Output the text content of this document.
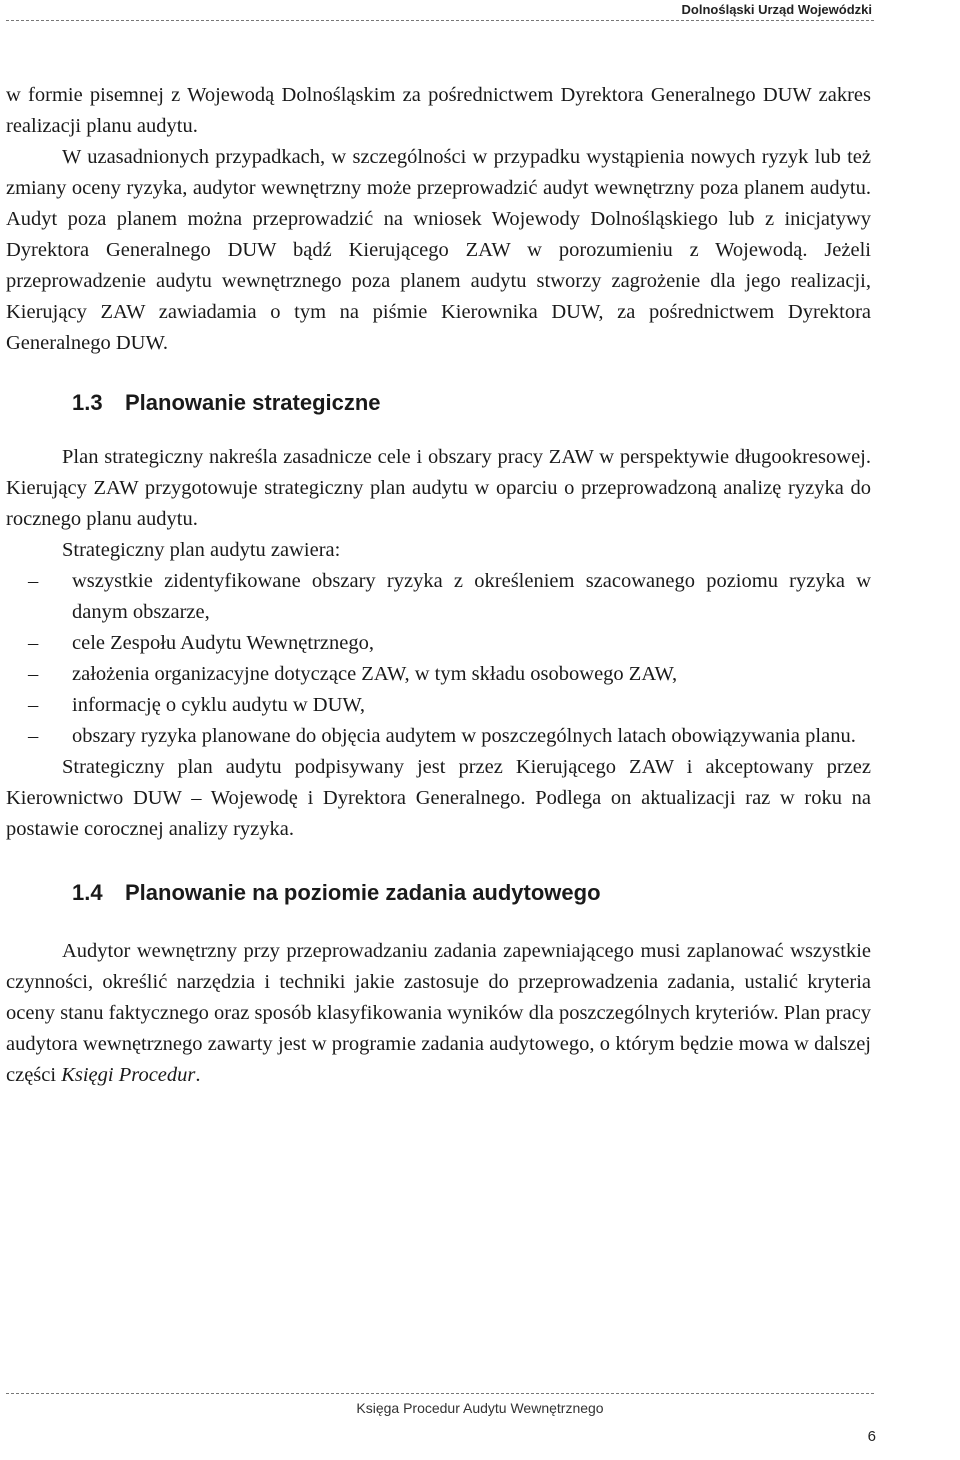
Dolnośląski Urząd Wojewódzki

w formie pisemnej z Wojewodą Dolnośląskim za pośrednictwem Dyrektora Generalnego DUW zakres realizacji planu audytu.

W uzasadnionych przypadkach, w szczególności w przypadku wystąpienia nowych ryzyk lub też zmiany oceny ryzyka, audytor wewnętrzny może przeprowadzić audyt wewnętrzny poza planem audytu. Audyt poza planem można przeprowadzić na wniosek Wojewody Dolnośląskiego lub z inicjatywy Dyrektora Generalnego DUW bądź Kierującego ZAW w porozumieniu z Wojewodą. Jeżeli przeprowadzenie audytu wewnętrznego poza planem audytu stworzy zagrożenie dla jego realizacji, Kierujący ZAW zawiadamia o tym na piśmie Kierownika DUW, za pośrednictwem Dyrektora Generalnego DUW.

1.3	Planowanie strategiczne

Plan strategiczny nakreśla zasadnicze cele i obszary pracy ZAW w perspektywie długookresowej. Kierujący ZAW przygotowuje strategiczny plan audytu w oparciu o przeprowadzoną analizę ryzyka do rocznego planu audytu.

Strategiczny plan audytu zawiera:

– wszystkie zidentyfikowane obszary ryzyka z określeniem szacowanego poziomu ryzyka w danym obszarze,
– cele Zespołu Audytu Wewnętrznego,
– założenia organizacyjne dotyczące ZAW, w tym składu osobowego ZAW,
– informację o cyklu audytu w DUW,
– obszary ryzyka planowane do objęcia audytem w poszczególnych latach obowiązywania planu.

Strategiczny plan audytu podpisywany jest przez Kierującego ZAW i akceptowany przez Kierownictwo DUW – Wojewodę i Dyrektora Generalnego. Podlega on aktualizacji raz w roku na postawie corocznej analizy ryzyka.

1.4	Planowanie na poziomie zadania audytowego

Audytor wewnętrzny przy przeprowadzaniu zadania zapewniającego musi zaplanować wszystkie czynności, określić narzędzia i techniki jakie zastosuje do przeprowadzenia zadania, ustalić kryteria oceny stanu faktycznego oraz sposób klasyfikowania wyników dla poszczególnych kryteriów. Plan pracy audytora wewnętrznego zawarty jest w programie zadania audytowego, o którym będzie mowa w dalszej części Księgi Procedur.

Księga Procedur Audytu Wewnętrznego
6
